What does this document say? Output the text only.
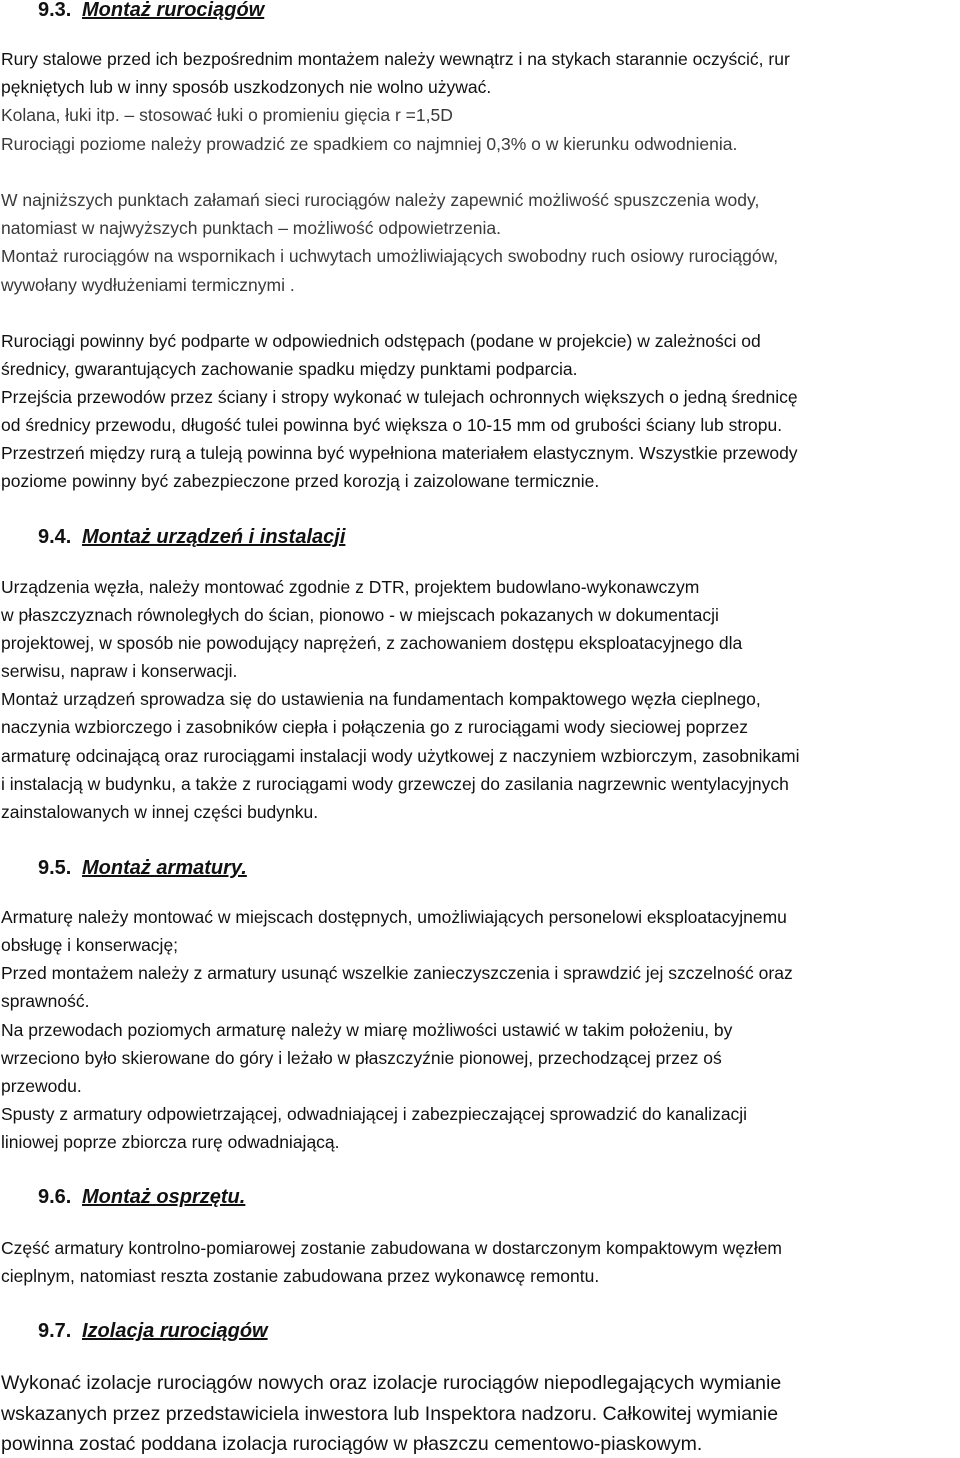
9.3. Montaż rurociągów
Rury stalowe przed ich bezpośrednim montażem należy wewnątrz i na stykach starannie oczyścić, rur
pękniętych lub w inny sposób uszkodzonych nie wolno używać.
Kolana, łuki itp. – stosować łuki o promieniu gięcia r =1,5D
Rurociągi poziome należy prowadzić ze spadkiem co najmniej 0,3% o w kierunku odwodnienia.
W najniższych punktach załamań sieci rurociągów należy zapewnić możliwość spuszczenia wody,
natomiast w najwyższych punktach – możliwość odpowietrzenia.
Montaż rurociągów na wspornikach i uchwytach umożliwiających swobodny ruch osiowy rurociągów,
wywołany wydłużeniami termicznymi .
Rurociągi powinny być podparte w odpowiednich odstępach (podane w projekcie) w zależności od
średnicy, gwarantujących zachowanie spadku między punktami podparcia.
Przejścia przewodów przez ściany i stropy wykonać w tulejach ochronnych większych o jedną średnicę
od średnicy przewodu, długość tulei powinna być większa o 10-15 mm od grubości ściany lub stropu.
Przestrzeń między rurą a tuleją powinna być wypełniona materiałem elastycznym. Wszystkie przewody
poziome powinny być zabezpieczone przed korozją i zaizolowane termicznie.
9.4. Montaż urządzeń i instalacji
Urządzenia węzła, należy montować zgodnie z DTR, projektem budowlano-wykonawczym
w płaszczyznach równoległych do ścian, pionowo - w miejscach pokazanych w dokumentacji
projektowej, w sposób nie powodujący naprężeń, z zachowaniem dostępu eksploatacyjnego dla
serwisu, napraw i konserwacji.
Montaż urządzeń sprowadza się do ustawienia na fundamentach kompaktowego węzła cieplnego,
naczynia wzbiorczego i zasobników ciepła i połączenia go z rurociągami wody sieciowej poprzez
armaturę odcinającą oraz rurociągami instalacji wody użytkowej z naczyniem wzbiorczym, zasobnikami
i instalacją w budynku, a także z rurociągami wody grzewczej do zasilania nagrzewnic wentylacyjnych
zainstalowanych w innej części budynku.
9.5. Montaż armatury.
Armaturę należy montować w miejscach dostępnych, umożliwiających personelowi eksploatacyjnemu
obsługę i konserwację;
Przed montażem należy z armatury usunąć wszelkie zanieczyszczenia i sprawdzić jej szczelność oraz
sprawność.
Na przewodach poziomych armaturę należy w miarę możliwości ustawić w takim położeniu, by
wrzeciono było skierowane do góry i leżało w płaszczyźnie pionowej, przechodzącej przez oś
przewodu.
Spusty z armatury odpowietrzającej, odwadniającej i zabezpieczającej sprowadzić do kanalizacji
liniowej poprze zbiorcza rurę odwadniającą.
9.6. Montaż osprzętu.
Część armatury kontrolno-pomiarowej zostanie zabudowana w dostarczonym kompaktowym węzłem
cieplnym, natomiast reszta zostanie zabudowana przez wykonawcę remontu.
9.7. Izolacja rurociągów
Wykonać izolacje rurociągów nowych oraz izolacje rurociągów niepodlegających wymianie
wskazanych przez przedstawiciela inwestora lub Inspektora nadzoru. Całkowitej wymianie
powinna zostać poddana izolacja rurociągów w płaszczu cementowo-piaskowym.
